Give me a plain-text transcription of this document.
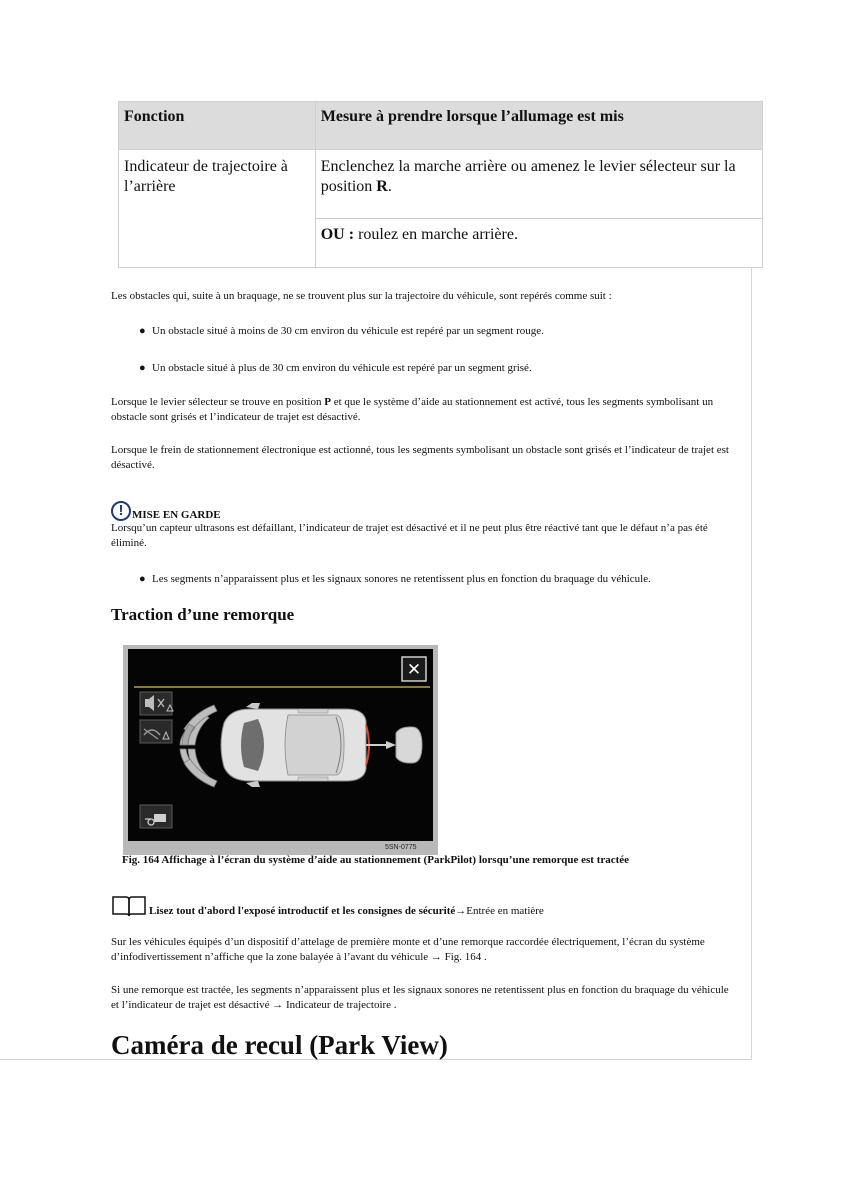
Fonction	Mesure à prendre lorsque l’allumage est mis
Indicateur de trajectoire à l’arrière	Enclenchez la marche arrière ou amenez le levier sélecteur sur la position R.
	OU : roulez en marche arrière.

Les obstacles qui, suite à un braquage, ne se trouvent plus sur la trajectoire du véhicule, sont repérés comme suit :

● Un obstacle situé à moins de 30 cm environ du véhicule est repéré par un segment rouge.
● Un obstacle situé à plus de 30 cm environ du véhicule est repéré par un segment grisé.

Lorsque le levier sélecteur se trouve en position P et que le système d’aide au stationnement est activé, tous les segments symbolisant un obstacle sont grisés et l’indicateur de trajet est désactivé.

Lorsque le frein de stationnement électronique est actionné, tous les segments symbolisant un obstacle sont grisés et l’indicateur de trajet est désactivé.

! MISE EN GARDE

Lorsqu’un capteur ultrasons est défaillant, l’indicateur de trajet est désactivé et il ne peut plus être réactivé tant que le défaut n’a pas été éliminé.

● Les segments n’apparaissent plus et les signaux sonores ne retentissent plus en fonction du braquage du véhicule.
Traction d’une remorque
✕
5SN-0775
Fig. 164 Affichage à l’écran du système d’aide au stationnement (ParkPilot) lorsqu’une remorque est tractée
Lisez tout d'abord l'exposé introductif et les consignes de sécurité →Entrée en matière

Sur les véhicules équipés d’un dispositif d’attelage de première monte et d’une remorque raccordée électriquement, l’écran du système d’infodivertissement n’affiche que la zone balayée à l’avant du véhicule → Fig. 164 .

Si une remorque est tractée, les segments n’apparaissent plus et les signaux sonores ne retentissent plus en fonction du braquage du véhicule et l’indicateur de trajet est désactivé → Indicateur de trajectoire .

Caméra de recul (Park View)
